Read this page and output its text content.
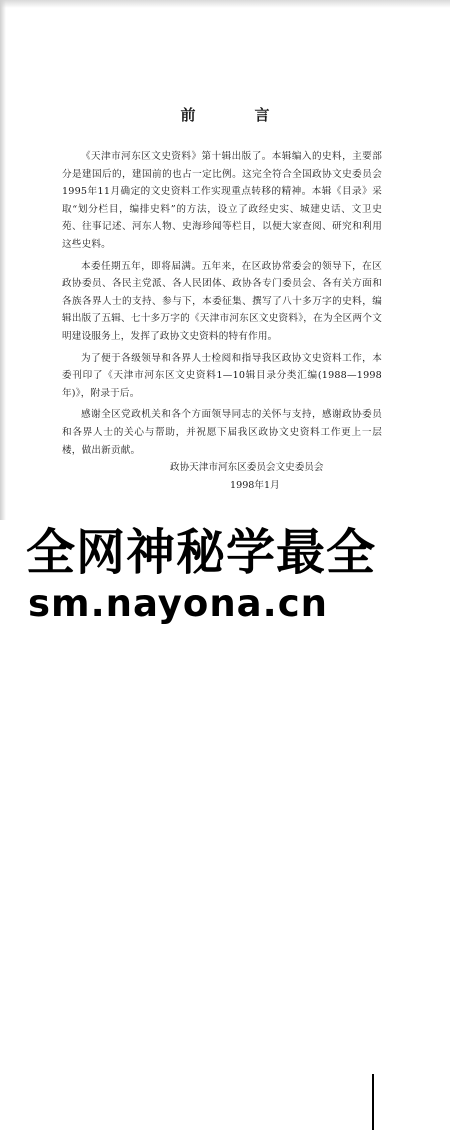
前　言

《天津市河东区文史资料》第十辑出版了。本辑编入的史料，主要部分是建国后的，建国前的也占一定比例。这完全符合全国政协文史委员会1995年11月确定的文史资料工作实现重点转移的精神。本辑《目录》采取“划分栏目，编排史料”的方法，设立了政经史实、城建史话、文卫史苑、往事记述、河东人物、史海珍闻等栏目，以便大家查阅、研究和利用这些史料。

本委任期五年，即将届满。五年来，在区政协常委会的领导下，在区政协委员、各民主党派、各人民团体、政协各专门委员会、各有关方面和各族各界人士的支持、参与下，本委征集、撰写了八十多万字的史料，编辑出版了五辑、七十多万字的《天津市河东区文史资料》，在为全区两个文明建设服务上，发挥了政协文史资料的特有作用。

为了便于各级领导和各界人士检阅和指导我区政协文史资料工作，本委刊印了《天津市河东区文史资料1—10辑目录分类汇编(1988—1998年)》，附录于后。

感谢全区党政机关和各个方面领导同志的关怀与支持，感谢政协委员和各界人士的关心与帮助，并祝愿下届我区政协文史资料工作更上一层楼，做出新贡献。

政协天津市河东区委员会文史委员会
1998年1月
全网神秘学最全
sm.nayona.cn
